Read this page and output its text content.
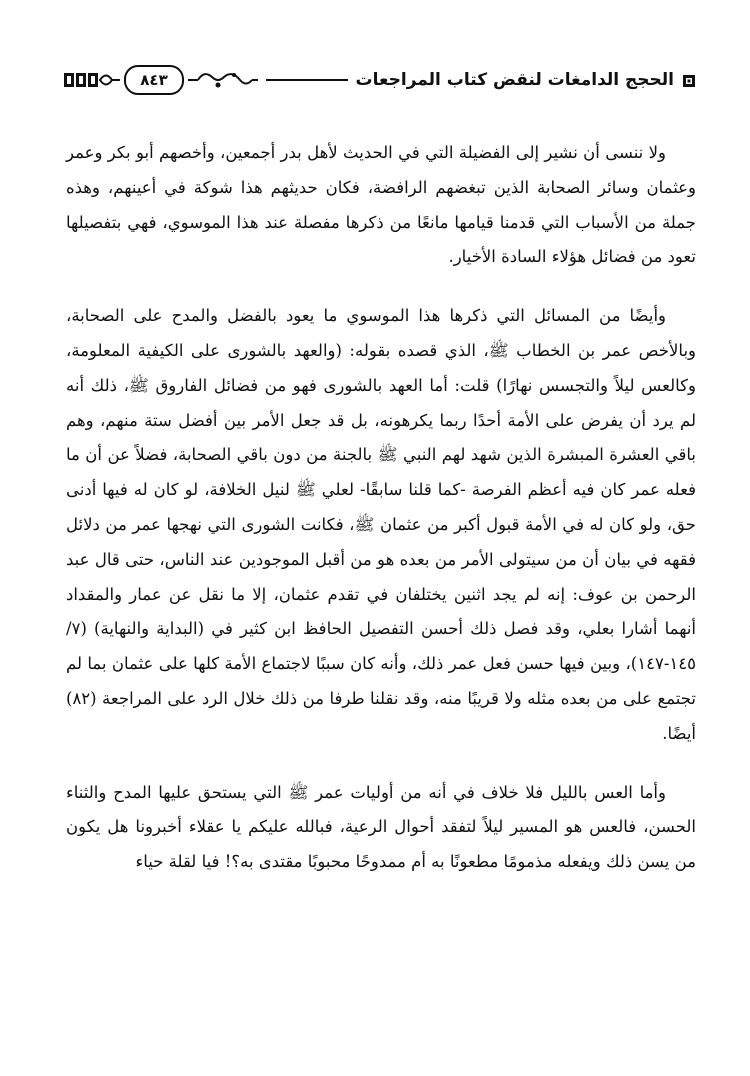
الحجج الدامغات لنقض كتاب المراجعات
٨٤٣

ولا ننسى أن نشير إلى الفضيلة التي في الحديث لأهل بدر أجمعين، وأخصهم أبو بكر وعمر وعثمان وسائر الصحابة الذين تبغضهم الرافضة، فكان حديثهم هذا شوكة في أعينهم، وهذه جملة من الأسباب التي قدمنا قيامها مانعًا من ذكرها مفصلة عند هذا الموسوي، فهي بتفصيلها تعود من فضائل هؤلاء السادة الأخيار.

وأيضًا من المسائل التي ذكرها هذا الموسوي ما يعود بالفضل والمدح على الصحابة، وبالأخص عمر بن الخطاب ﷺ، الذي قصده بقوله: (والعهد بالشورى على الكيفية المعلومة، وكالعس ليلاً والتجسس نهارًا) قلت: أما العهد بالشورى فهو من فضائل الفاروق ﷺ، ذلك أنه لم يرد أن يفرض على الأمة أحدًا ربما يكرهونه، بل قد جعل الأمر بين أفضل ستة منهم، وهم باقي العشرة المبشرة الذين شهد لهم النبي ﷺ بالجنة من دون باقي الصحابة، فضلاً عن أن ما فعله عمر كان فيه أعظم الفرصة -كما قلنا سابقًا- لعلي ﷺ لنيل الخلافة، لو كان له فيها أدنى حق، ولو كان له في الأمة قبول أكبر من عثمان ﷺ، فكانت الشورى التي نهجها عمر من دلائل فقهه في بيان أن من سيتولى الأمر من بعده هو من أقبل الموجودين عند الناس، حتى قال عبد الرحمن بن عوف: إنه لم يجد اثنين يختلفان في تقدم عثمان، إلا ما نقل عن عمار والمقداد أنهما أشارا بعلي، وقد فصل ذلك أحسن التفصيل الحافظ ابن كثير في (البداية والنهاية) (٧/ ١٤٥-١٤٧)، وبين فيها حسن فعل عمر ذلك، وأنه كان سببًا لاجتماع الأمة كلها على عثمان بما لم تجتمع على من بعده مثله ولا قريبًا منه، وقد نقلنا طرفا من ذلك خلال الرد على المراجعة (٨٢) أيضًا.

وأما العس بالليل فلا خلاف في أنه من أوليات عمر ﷺ التي يستحق عليها المدح والثناء الحسن، فالعس هو المسير ليلاً لتفقد أحوال الرعية، فبالله عليكم يا عقلاء أخبرونا هل يكون من يسن ذلك ويفعله مذمومًا مطعونًا به أم ممدوحًا محبوبًا مقتدى به؟! فيا لقلة حياء
